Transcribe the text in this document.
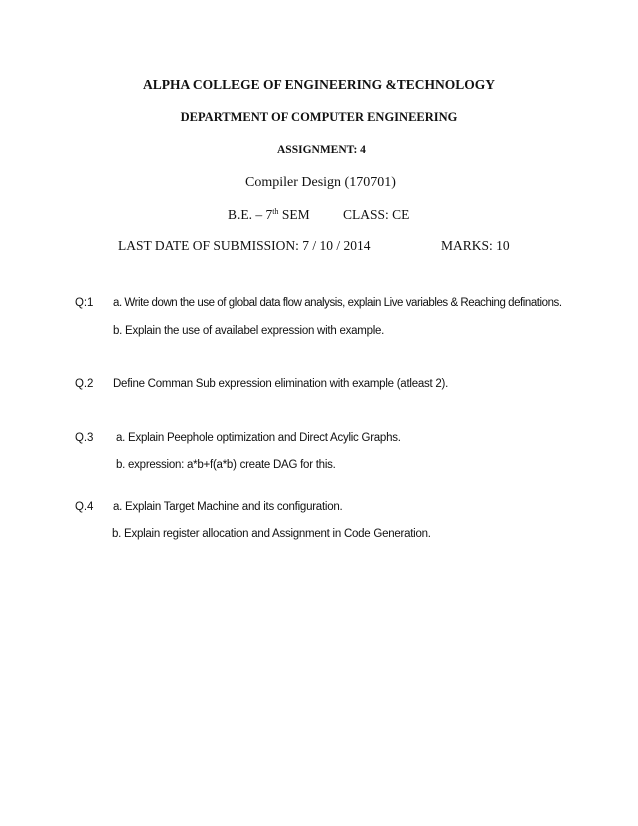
ALPHA COLLEGE OF ENGINEERING &TECHNOLOGY
DEPARTMENT OF COMPUTER ENGINEERING
ASSIGNMENT: 4
Compiler Design (170701)
B.E. – 7th SEM CLASS: CE
LAST DATE OF SUBMISSION: 7 / 10 / 2014	MARKS: 10
Q:1 a. Write down the use of global data flow analysis, explain Live variables & Reaching definations.
b. Explain the use of availabel expression with example.
Q.2 Define Comman Sub expression elimination with example (atleast 2).
Q.3 a. Explain Peephole optimization and Direct Acylic Graphs.
b. expression: a*b+f(a*b) create DAG for this.
Q.4 a. Explain Target Machine and its configuration.
b. Explain register allocation and Assignment in Code Generation.
